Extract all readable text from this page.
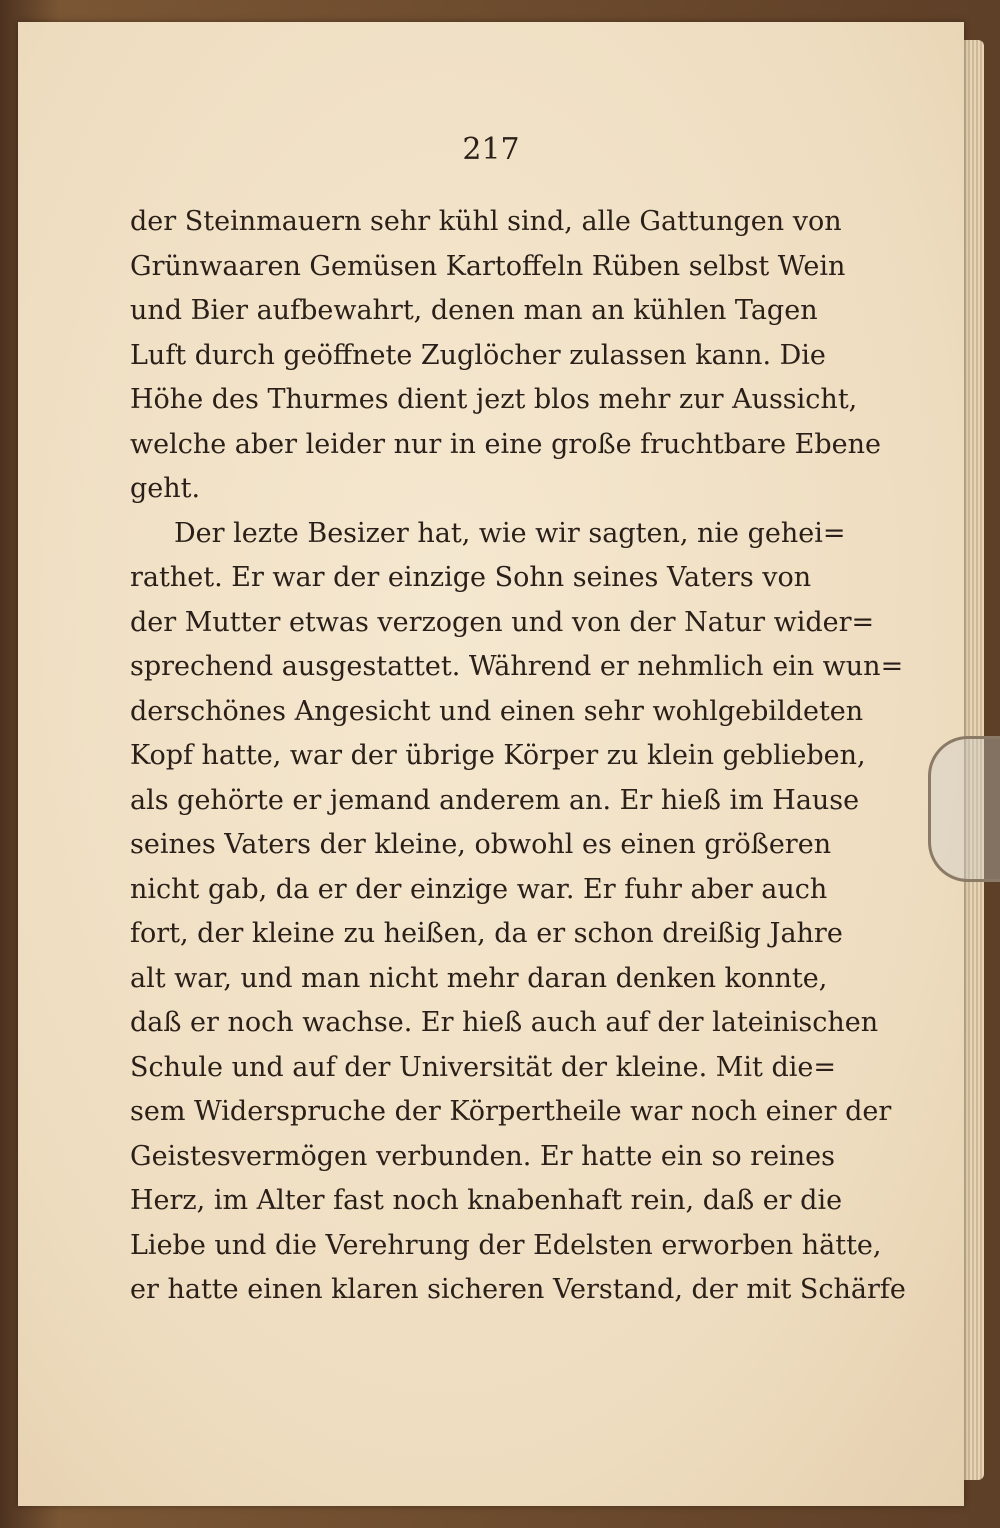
217
der Steinmauern sehr kühl sind, alle Gattungen von
Grünwaaren Gemüsen Kartoffeln Rüben selbst Wein
und Bier aufbewahrt, denen man an kühlen Tagen
Luft durch geöffnete Zuglöcher zulassen kann. Die
Höhe des Thurmes dient jezt blos mehr zur Aussicht,
welche aber leider nur in eine große fruchtbare Ebene
geht.
Der lezte Besizer hat, wie wir sagten, nie gehei=
rathet. Er war der einzige Sohn seines Vaters von
der Mutter etwas verzogen und von der Natur wider=
sprechend ausgestattet. Während er nehmlich ein wun=
derschönes Angesicht und einen sehr wohlgebildeten
Kopf hatte, war der übrige Körper zu klein geblieben,
als gehörte er jemand anderem an. Er hieß im Hause
seines Vaters der kleine, obwohl es einen größeren
nicht gab, da er der einzige war. Er fuhr aber auch
fort, der kleine zu heißen, da er schon dreißig Jahre
alt war, und man nicht mehr daran denken konnte,
daß er noch wachse. Er hieß auch auf der lateinischen
Schule und auf der Universität der kleine. Mit die=
sem Widerspruche der Körpertheile war noch einer der
Geistesvermögen verbunden. Er hatte ein so reines
Herz, im Alter fast noch knabenhaft rein, daß er die
Liebe und die Verehrung der Edelsten erworben hätte,
er hatte einen klaren sicheren Verstand, der mit Schärfe
